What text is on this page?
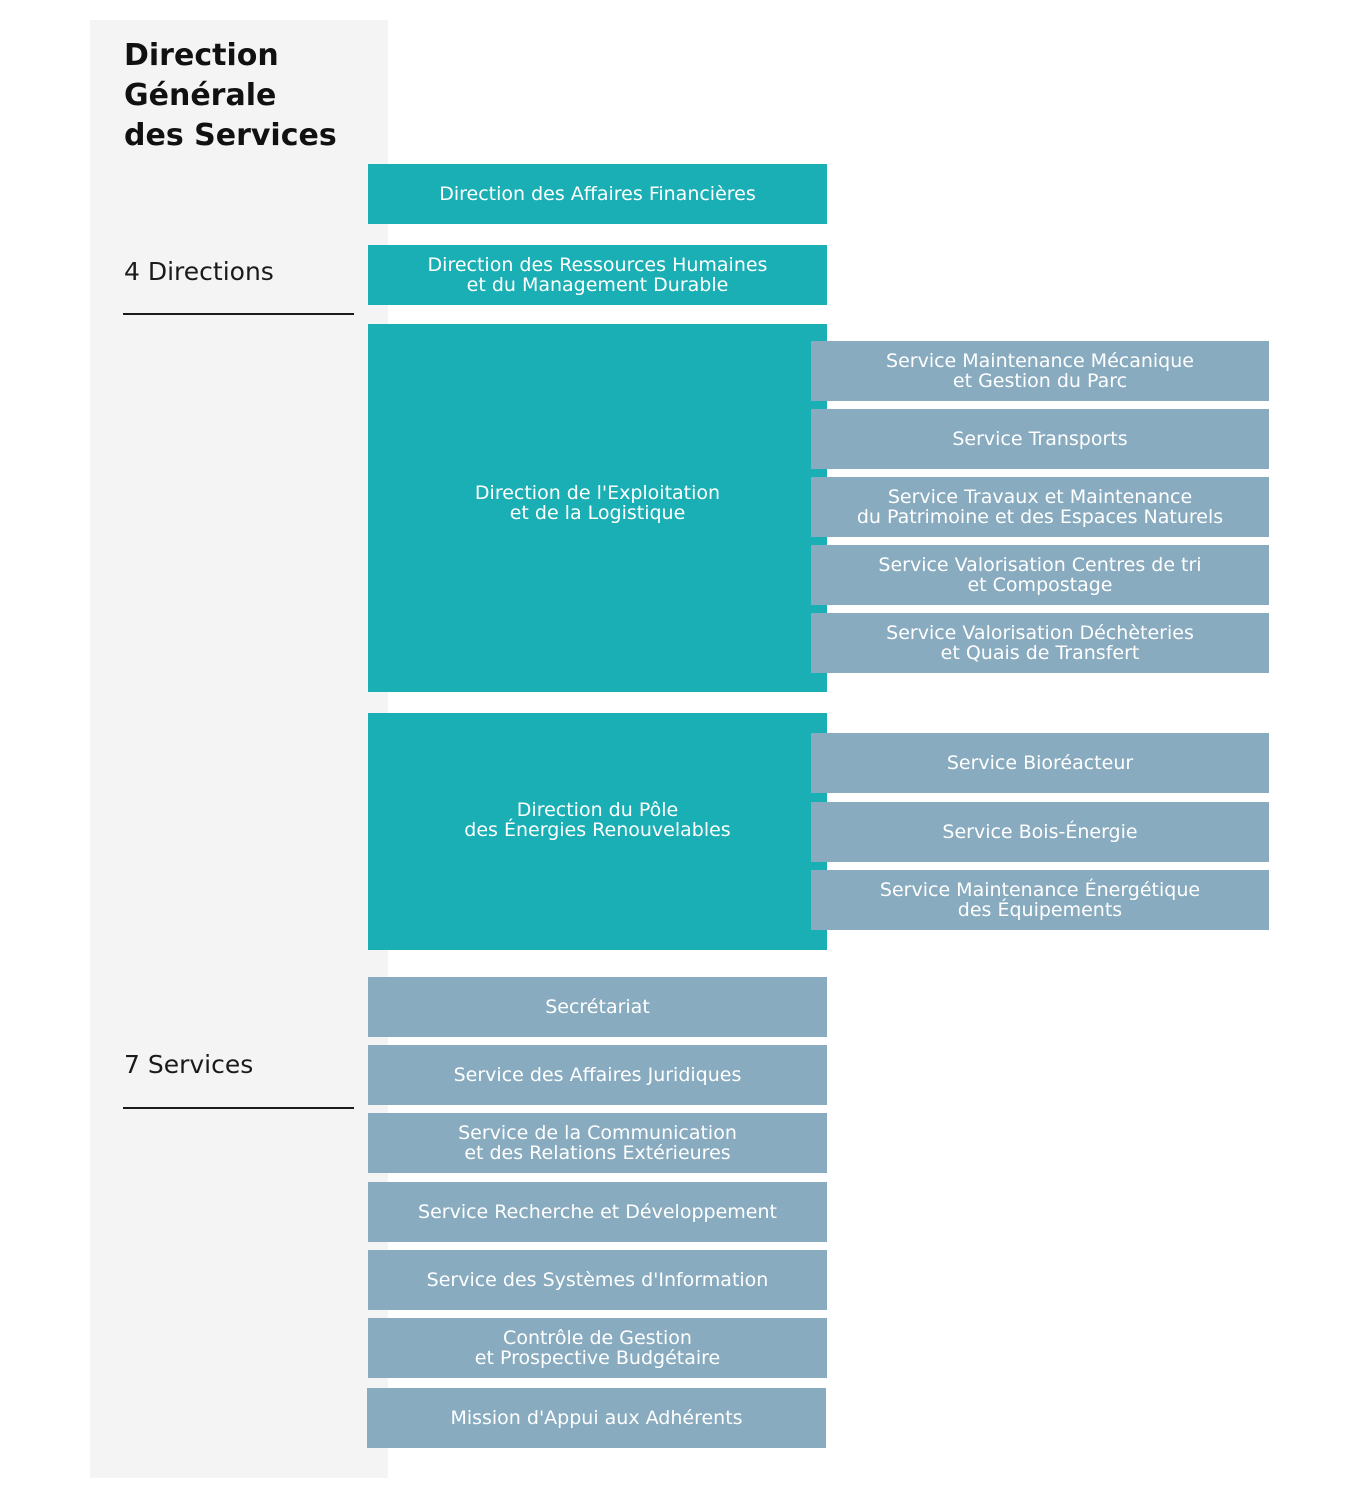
Direction
Générale
des Services
4 Directions
7 Services
Direction des Affaires Financières
Direction des Ressources Humaines
et du Management Durable
Direction de l'Exploitation
et de la Logistique
Direction du Pôle
des Énergies Renouvelables
Service Maintenance Mécanique
et Gestion du Parc
Service Transports
Service Travaux et Maintenance
du Patrimoine et des Espaces Naturels
Service Valorisation Centres de tri
et Compostage
Service Valorisation Déchèteries
et Quais de Transfert
Service Bioréacteur
Service Bois-Énergie
Service Maintenance Énergétique
des Équipements
Secrétariat
Service des Affaires Juridiques
Service de la Communication
et des Relations Extérieures
Service Recherche et Développement
Service des Systèmes d'Information
Contrôle de Gestion
et Prospective Budgétaire
Mission d'Appui aux Adhérents
